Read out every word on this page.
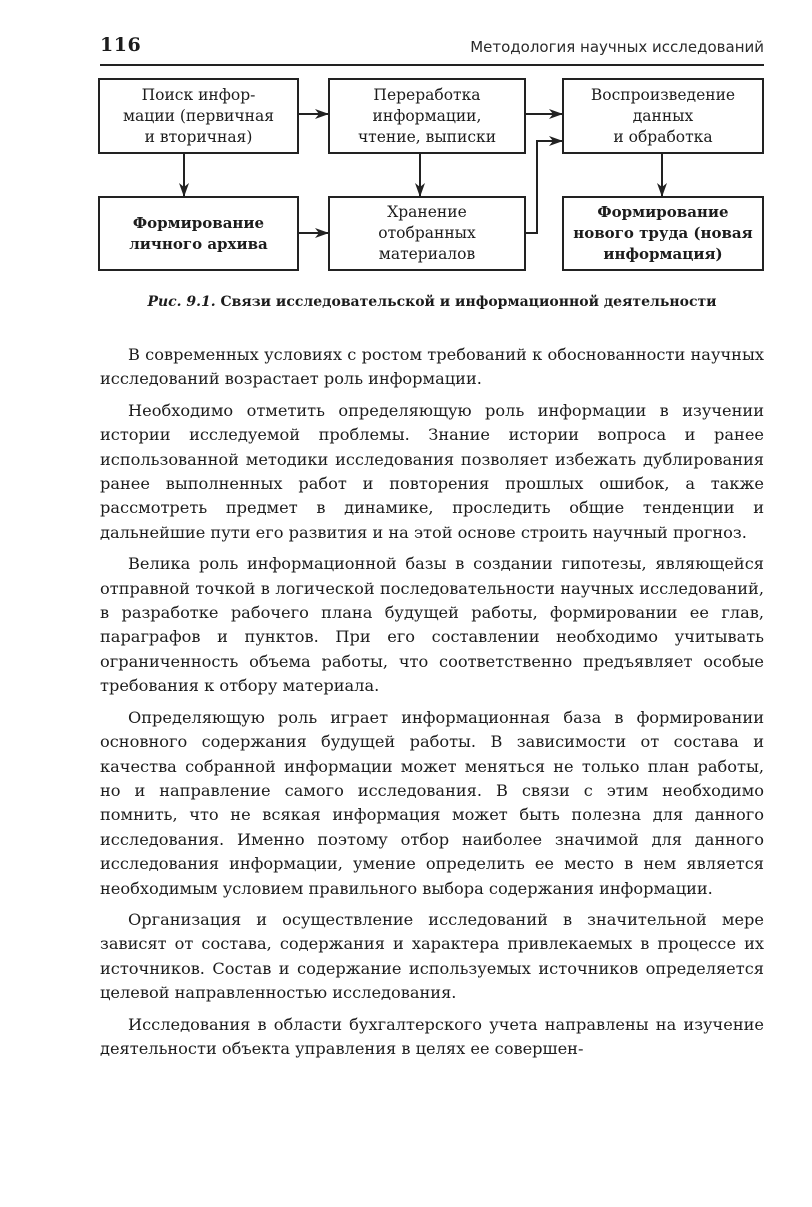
116	Методология научных исследований
Поиск инфор-
мации (первичная
и вторичная)
Переработка
информации,
чтение, выписки
Воспроизведение
данных
и обработка
Формирование
личного архива
Хранение
отобранных
материалов
Формирование
нового труда (новая
информация)
Рис. 9.1. Связи исследовательской и информационной деятельности

В современных условиях с ростом требований к обоснованности научных исследований возрастает роль информации.

Необходимо отметить определяющую роль информации в изучении истории исследуемой проблемы. Знание истории вопроса и ранее использованной методики исследования позволяет избежать дублирования ранее выполненных работ и повторения прошлых ошибок, а также рассмотреть предмет в динамике, проследить общие тенденции и дальнейшие пути его развития и на этой основе строить научный прогноз.

Велика роль информационной базы в создании гипотезы, являющейся отправной точкой в логической последовательности научных исследований, в разработке рабочего плана будущей работы, формировании ее глав, параграфов и пунктов. При его составлении необходимо учитывать ограниченность объема работы, что соответственно предъявляет особые требования к отбору материала.

Определяющую роль играет информационная база в формировании основного содержания будущей работы. В зависимости от состава и качества собранной информации может меняться не только план работы, но и направление самого исследования. В связи с этим необходимо помнить, что не всякая информация может быть полезна для данного исследования. Именно поэтому отбор наиболее значимой для данного исследования информации, умение определить ее место в нем является необходимым условием правильного выбора содержания информации.

Организация и осуществление исследований в значительной мере зависят от состава, содержания и характера привлекаемых в процессе их источников. Состав и содержание используемых источников определяется целевой направленностью исследования.

Исследования в области бухгалтерского учета направлены на изучение деятельности объекта управления в целях ее совершен-
